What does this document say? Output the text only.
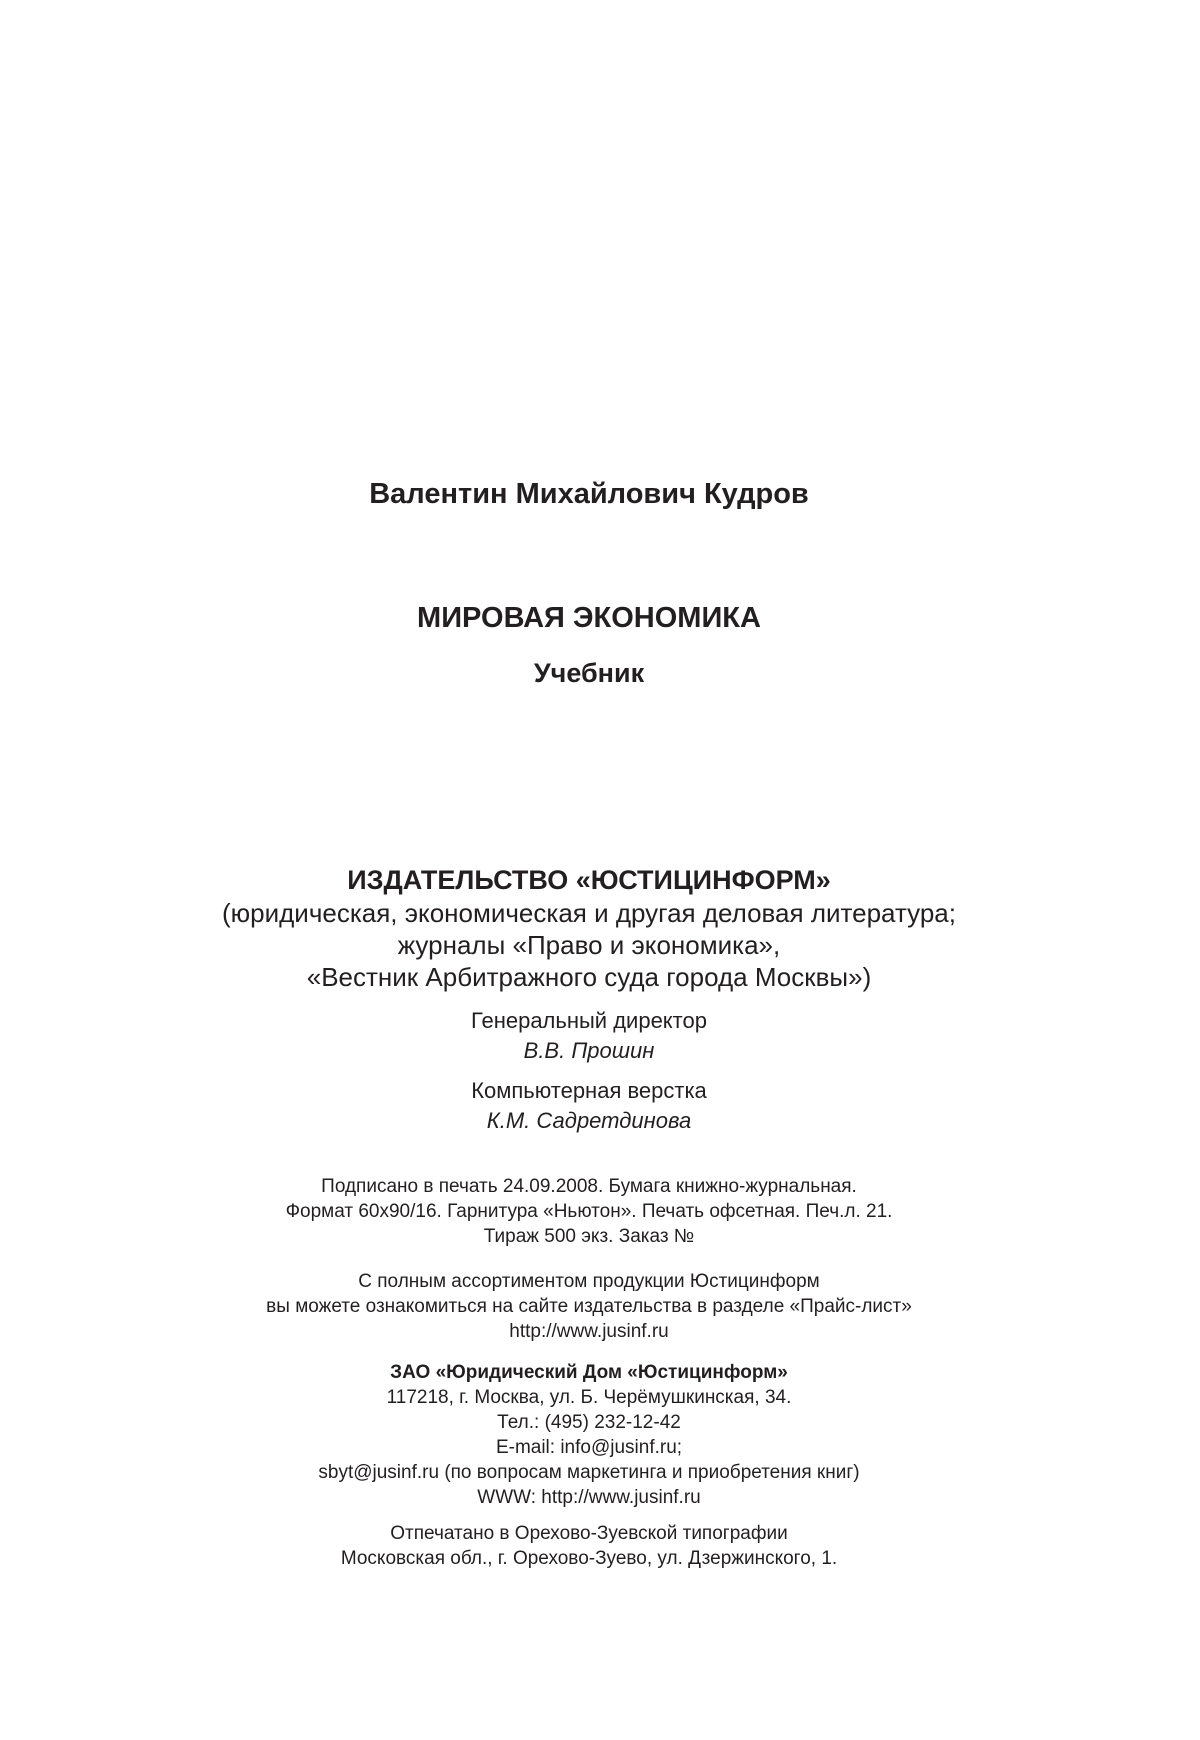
Валентин Михайлович Кудров

МИРОВАЯ ЭКОНОМИКА

Учебник

ИЗДАТЕЛЬСТВО «ЮСТИЦИНФОРМ»

(юридическая, экономическая и другая деловая литература;

журналы «Право и экономика»,

«Вестник Арбитражного суда города Москвы»)

Генеральный директор

В.В. Прошин

Компьютерная верстка

К.М. Садретдинова

Подписано в печать 24.09.2008. Бумага книжно-журнальная.

Формат 60x90/16. Гарнитура «Ньютон». Печать офсетная. Печ.л. 21.

Тираж 500 экз. Заказ №

С полным ассортиментом продукции Юстицинформ

вы можете ознакомиться на сайте издательства в разделе «Прайс-лист»

http://www.jusinf.ru

ЗАО «Юридический Дом «Юстицинформ»

117218, г. Москва, ул. Б. Черёмушкинская, 34.

Тел.: (495) 232-12-42

E-mail: info@jusinf.ru;

sbyt@jusinf.ru (по вопросам маркетинга и приобретения книг)

WWW: http://www.jusinf.ru

Отпечатано в Орехово-Зуевской типографии

Московская обл., г. Орехово-Зуево, ул. Дзержинского, 1.
